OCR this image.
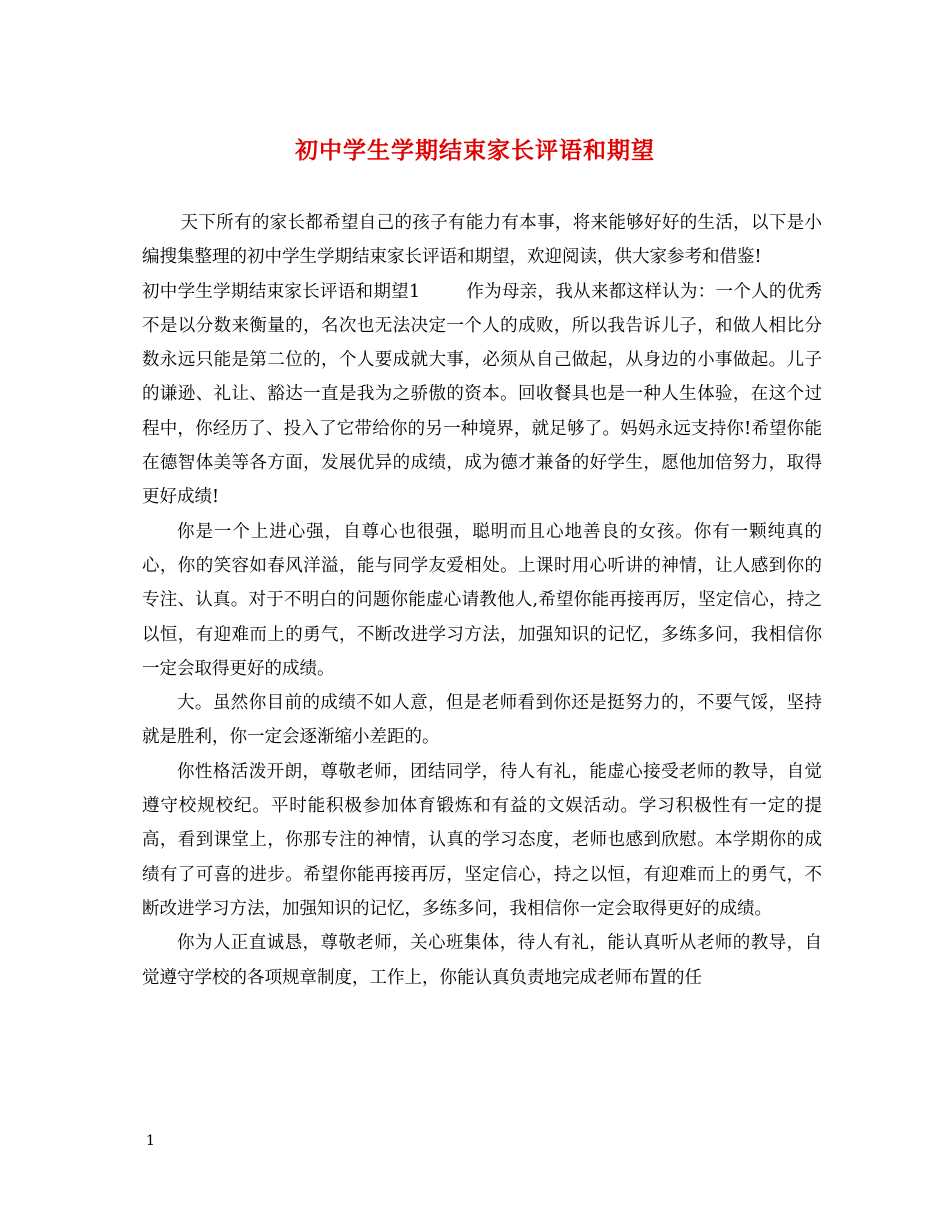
初中学生学期结束家长评语和期望

天下所有的家长都希望自己的孩子有能力有本事，将来能够好好的生活，以下是小编搜集整理的初中学生学期结束家长评语和期望，欢迎阅读，供大家参考和借鉴!

初中学生学期结束家长评语和期望1	作为母亲，我从来都这样认为：一个人的优秀不是以分数来衡量的，名次也无法决定一个人的成败，所以我告诉儿子，和做人相比分数永远只能是第二位的，个人要成就大事，必须从自己做起，从身边的小事做起。儿子的谦逊、礼让、豁达一直是我为之骄傲的资本。回收餐具也是一种人生体验，在这个过程中，你经历了、投入了它带给你的另一种境界，就足够了。妈妈永远支持你!希望你能在德智体美等各方面，发展优异的成绩，成为德才兼备的好学生，愿他加倍努力，取得更好成绩!

你是一个上进心强，自尊心也很强，聪明而且心地善良的女孩。你有一颗纯真的心，你的笑容如春风洋溢，能与同学友爱相处。上课时用心听讲的神情，让人感到你的专注、认真。对于不明白的问题你能虚心请教他人,希望你能再接再厉，坚定信心，持之以恒，有迎难而上的勇气，不断改进学习方法，加强知识的记忆，多练多问，我相信你一定会取得更好的成绩。

大。虽然你目前的成绩不如人意，但是老师看到你还是挺努力的，不要气馁，坚持就是胜利，你一定会逐渐缩小差距的。

你性格活泼开朗，尊敬老师，团结同学，待人有礼，能虚心接受老师的教导，自觉遵守校规校纪。平时能积极参加体育锻炼和有益的文娱活动。学习积极性有一定的提高，看到课堂上，你那专注的神情，认真的学习态度，老师也感到欣慰。本学期你的成绩有了可喜的进步。希望你能再接再厉，坚定信心，持之以恒，有迎难而上的勇气，不断改进学习方法，加强知识的记忆，多练多问，我相信你一定会取得更好的成绩。

你为人正直诚恳，尊敬老师，关心班集体，待人有礼，能认真听从老师的教导，自觉遵守学校的各项规章制度，工作上，你能认真负责地完成老师布置的任

1
